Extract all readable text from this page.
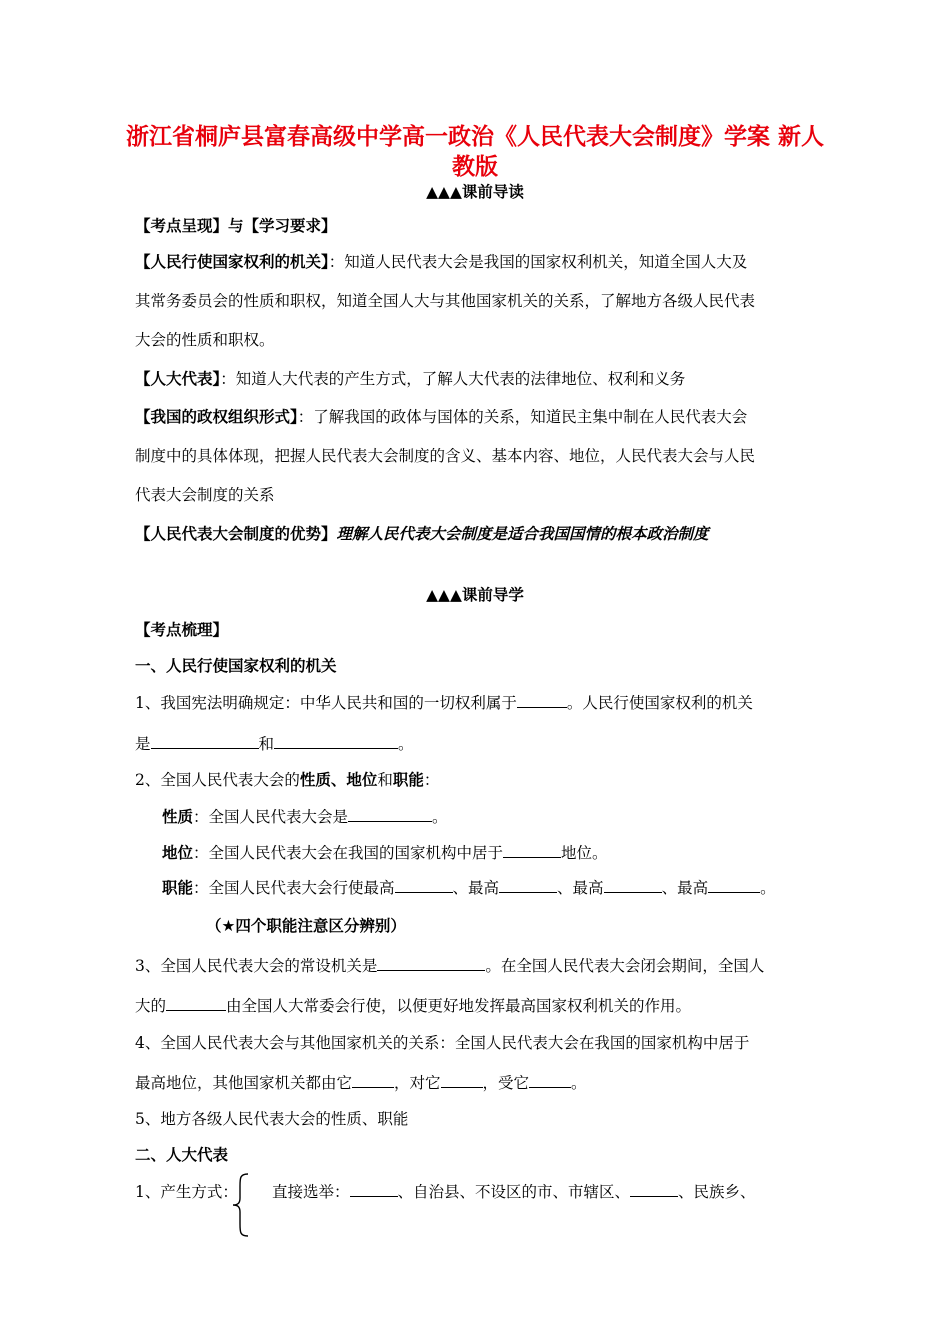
浙江省桐庐县富春高级中学高一政治《人民代表大会制度》学案 新人教版
▲▲▲课前导读
【考点呈现】与【学习要求】
【人民行使国家权利的机关】：知道人民代表大会是我国的国家权利机关，知道全国人大及
其常务委员会的性质和职权，知道全国人大与其他国家机关的关系，了解地方各级人民代表
大会的性质和职权。
【人大代表】：知道人大代表的产生方式，了解人大代表的法律地位、权利和义务
【我国的政权组织形式】：了解我国的政体与国体的关系，知道民主集中制在人民代表大会
制度中的具体体现，把握人民代表大会制度的含义、基本内容、地位，人民代表大会与人民
代表大会制度的关系
【人民代表大会制度的优势】理解人民代表大会制度是适合我国国情的根本政治制度
▲▲▲课前导学
【考点梳理】
一、人民行使国家权利的机关
1、我国宪法明确规定：中华人民共和国的一切权利属于	。人民行使国家权利的机关
是	和	。
2、全国人民代表大会的性质、地位和职能：
性质：全国人民代表大会是	。
地位：全国人民代表大会在我国的国家机构中居于	地位。
职能：全国人民代表大会行使最高	、最高	、最高	、最高	。
（★四个职能注意区分辨别）
3、全国人民代表大会的常设机关是	。在全国人民代表大会闭会期间，全国人
大的	由全国人大常委会行使，以便更好地发挥最高国家权利机关的作用。
4、全国人民代表大会与其他国家机关的关系：全国人民代表大会在我国的国家机构中居于
最高地位，其他国家机关都由它	，对它	，受它	。
5、地方各级人民代表大会的性质、职能
二、人大代表
1、产生方式： 直接选举：	、自治县、不设区的市、市辖区、	、民族乡、
